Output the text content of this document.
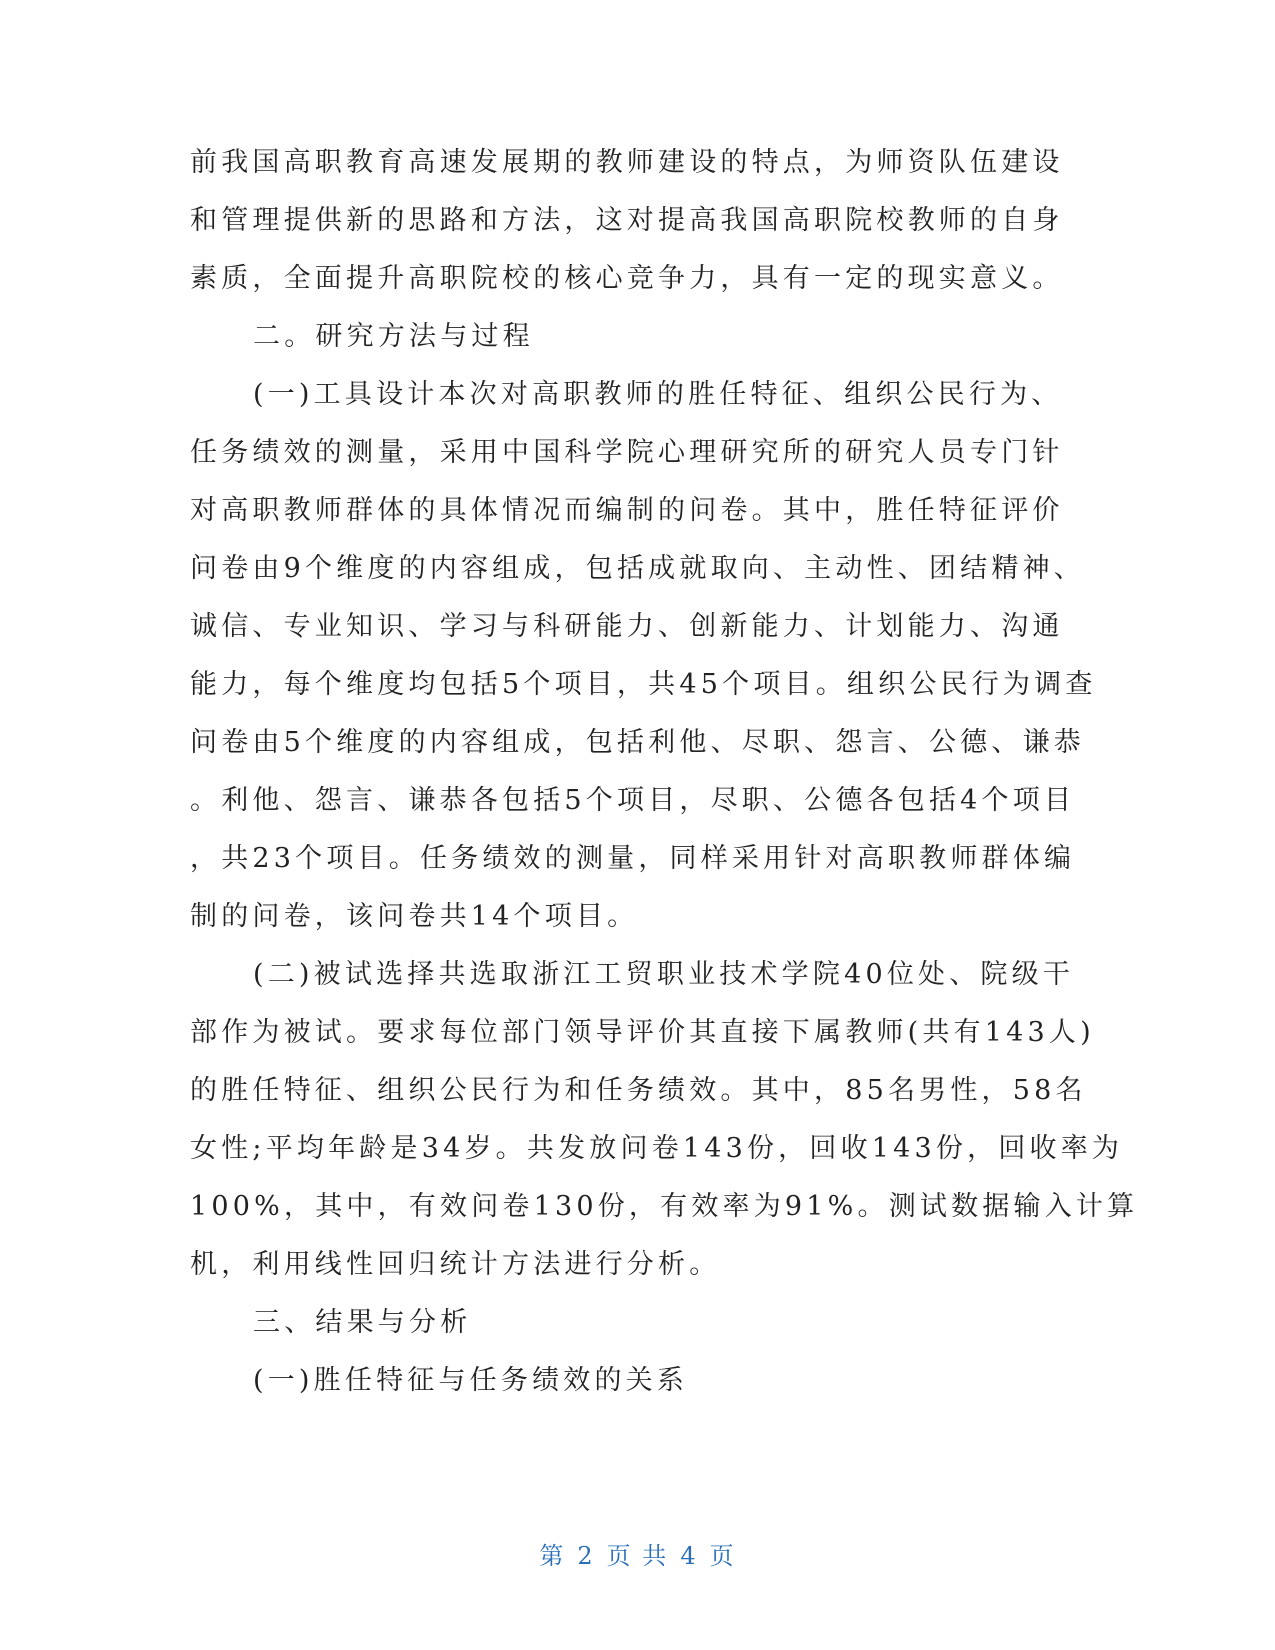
前我国高职教育高速发展期的教师建设的特点，为师资队伍建设
和管理提供新的思路和方法，这对提高我国高职院校教师的自身
素质，全面提升高职院校的核心竞争力，具有一定的现实意义。
二。研究方法与过程
(一)工具设计本次对高职教师的胜任特征、组织公民行为、
任务绩效的测量，采用中国科学院心理研究所的研究人员专门针
对高职教师群体的具体情况而编制的问卷。其中，胜任特征评价
问卷由9个维度的内容组成，包括成就取向、主动性、团结精神、
诚信、专业知识、学习与科研能力、创新能力、计划能力、沟通
能力，每个维度均包括5个项目，共45个项目。组织公民行为调查
问卷由5个维度的内容组成，包括利他、尽职、怨言、公德、谦恭
。利他、怨言、谦恭各包括5个项目，尽职、公德各包括4个项目
，共23个项目。任务绩效的测量，同样采用针对高职教师群体编
制的问卷，该问卷共14个项目。
(二)被试选择共选取浙江工贸职业技术学院40位处、院级干
部作为被试。要求每位部门领导评价其直接下属教师(共有143人)
的胜任特征、组织公民行为和任务绩效。其中，85名男性，58名
女性;平均年龄是34岁。共发放问卷143份，回收143份，回收率为
100%，其中，有效问卷130份，有效率为91%。测试数据输入计算
机，利用线性回归统计方法进行分析。
三、结果与分析
(一)胜任特征与任务绩效的关系
第 2 页 共 4 页
